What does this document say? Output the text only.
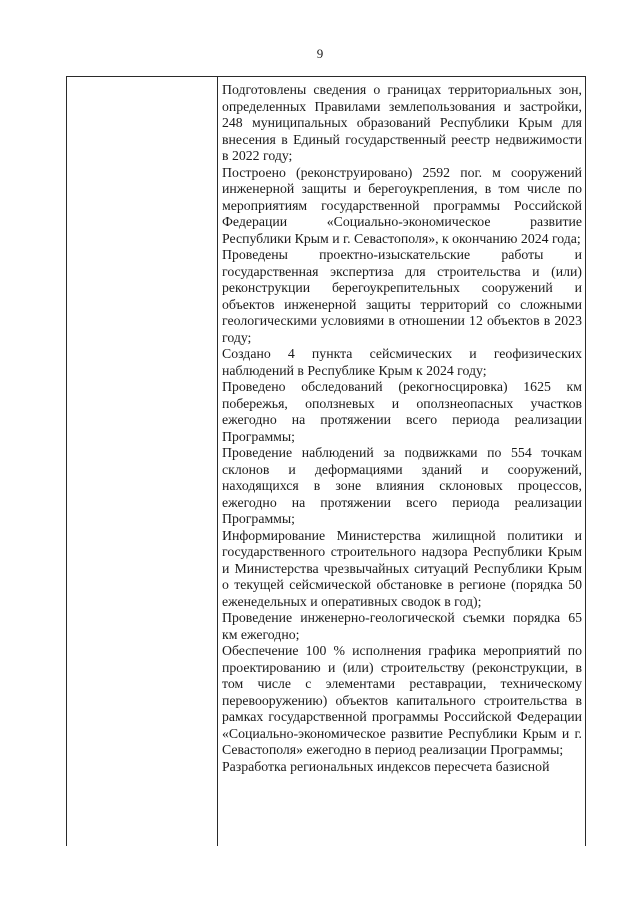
9

Подготовлены сведения о границах территориальных зон, определенных Правилами землепользования и застройки, 248 муниципальных образований Республики Крым для внесения в Единый государственный реестр недвижимости в 2022 году;

Построено (реконструировано) 2592 пог. м сооружений инженерной защиты и берегоукрепления, в том числе по мероприятиям государственной программы Российской Федерации «Социально-экономическое развитие Республики Крым и г. Севастополя», к окончанию 2024 года;

Проведены проектно-изыскательские работы и государственная экспертиза для строительства и (или) реконструкции берегоукрепительных сооружений и объектов инженерной защиты территорий со сложными геологическими условиями в отношении 12 объектов в 2023 году;

Создано 4 пункта сейсмических и геофизических наблюдений в Республике Крым к 2024 году;

Проведено обследований (рекогносцировка) 1625 км побережья, оползневых и оползнеопасных участков ежегодно на протяжении всего периода реализации Программы;

Проведение наблюдений за подвижками по 554 точкам склонов и деформациями зданий и сооружений, находящихся в зоне влияния склоновых процессов, ежегодно на протяжении всего периода реализации Программы;

Информирование Министерства жилищной политики и государственного строительного надзора Республики Крым и Министерства чрезвычайных ситуаций Республики Крым о текущей сейсмической обстановке в регионе (порядка 50 еженедельных и оперативных сводок в год);

Проведение инженерно-геологической съемки порядка 65 км ежегодно;

Обеспечение 100 % исполнения графика мероприятий по проектированию и (или) строительству (реконструкции, в том числе с элементами реставрации, техническому перевооружению) объектов капитального строительства в рамках государственной программы Российской Федерации «Социально-экономическое развитие Республики Крым и г. Севастополя» ежегодно в период реализации Программы;

Разработка региональных индексов пересчета базисной
